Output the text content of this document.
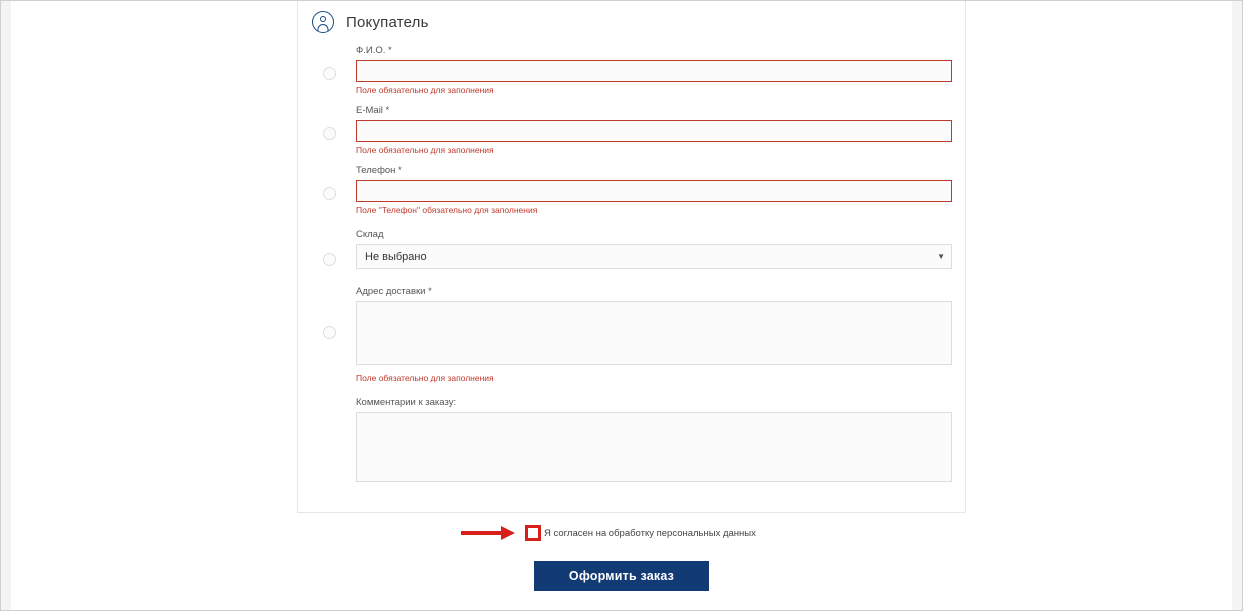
Покупатель
Ф.И.О. *
Поле обязательно для заполнения
E-Mail *
Поле обязательно для заполнения
Телефон *
Поле "Телефон" обязательно для заполнения
Склад
Не выбрано
▼
Адрес доставки *
Поле обязательно для заполнения
Комментарии к заказу:
Я согласен на обработку персональных данных
Оформить заказ
